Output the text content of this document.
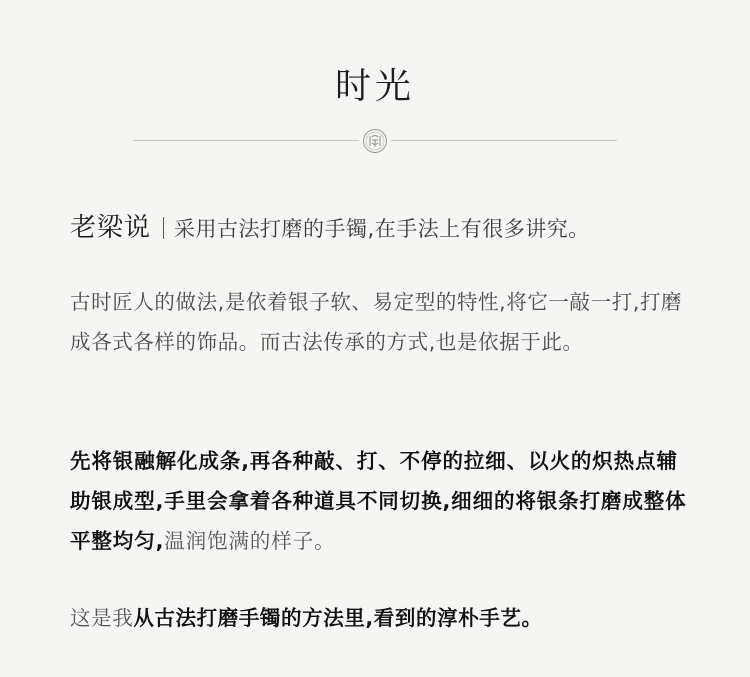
时光
老梁说 采用古法打磨的手镯,在手法上有很多讲究。
古时匠人的做法,是依着银子软、易定型的特性,将它一敲一打,打磨成各式各样的饰品。而古法传承的方式,也是依据于此。
先将银融解化成条,再各种敲、打、不停的拉细、以火的炽热点辅助银成型,手里会拿着各种道具不同切换,细细的将银条打磨成整体平整均匀,温润饱满的样子。
这是我从古法打磨手镯的方法里,看到的淳朴手艺。
